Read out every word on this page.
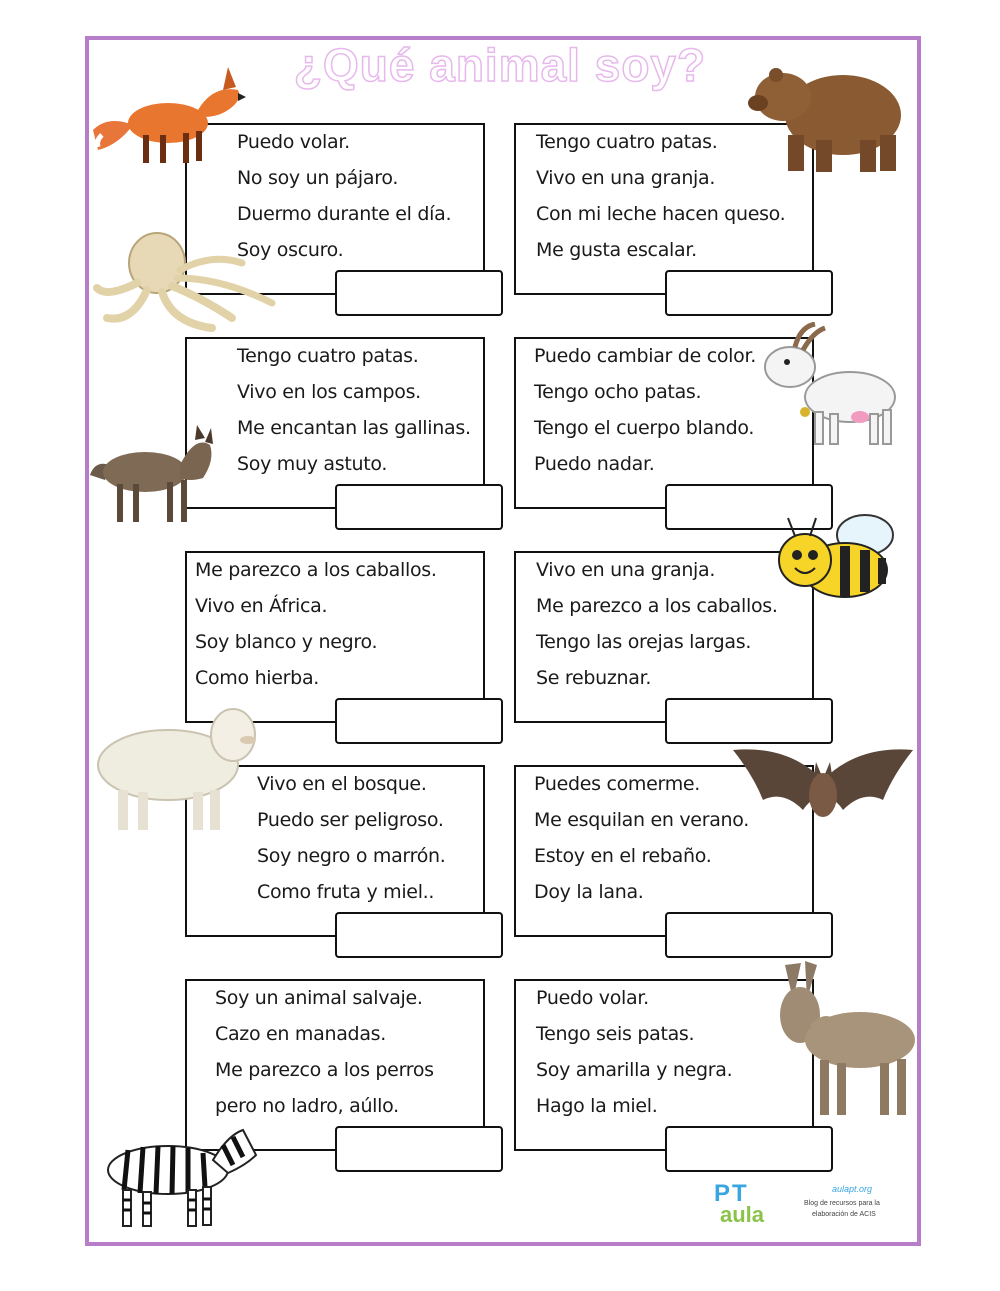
¿Qué animal soy?
Puedo volar.
No soy un pájaro.
Duermo durante el día.
Soy oscuro.
Tengo cuatro patas.
Vivo en los campos.
Me encantan las gallinas.
Soy muy astuto.
Me parezco a los caballos.
Vivo en África.
Soy blanco y negro.
Como hierba.
Vivo en el bosque.
Puedo ser peligroso.
Soy negro o marrón.
Como fruta y miel..
Soy un animal salvaje.
Cazo en manadas.
Me parezco a los perros
pero no ladro, aúllo.
Tengo cuatro patas.
Vivo en una granja.
Con mi leche hacen queso.
Me gusta escalar.
Puedo cambiar de color.
Tengo ocho patas.
Tengo el cuerpo blando.
Puedo nadar.
Vivo en una granja.
Me parezco a los caballos.
Tengo las orejas largas.
Se rebuznar.
Puedes comerme.
Me esquilan en verano.
Estoy en el rebaño.
Doy la lana.
Puedo volar.
Tengo seis patas.
Soy amarilla y negra.
Hago la miel.
PT
aula
aulapt.org
Blog de recursos para la
elaboración de ACIS
